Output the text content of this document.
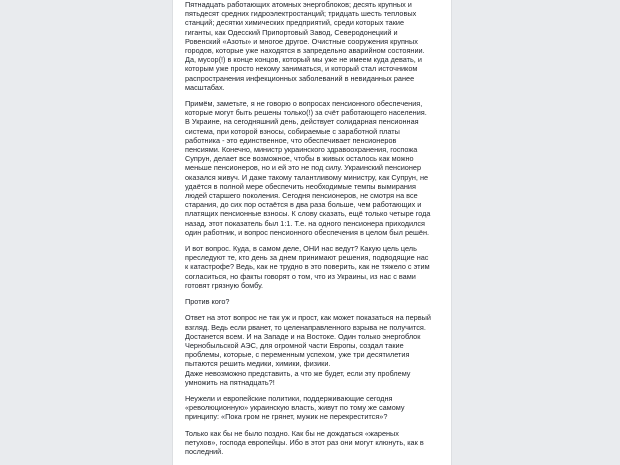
Пятнадцать работающих атомных энергоблоков; десять крупных и
пятьдесят средних гидроэлектростанций; тридцать шесть тепловых
станций; десятки химических предприятий, среди которых такие
гиганты, как Одесский Припортовый Завод, Северодонецкий и
Ровенский «Азоты» и многое другое. Очистные сооружения крупных
городов, которые уже находятся в запредельно аварийном состоянии.
Да, мусор(!) в конце концов, который мы уже не имеем куда девать, и
которым уже просто некому заниматься, и который стал источником
распространения инфекционных заболеваний в невиданных ранее
масштабах.

Примём, заметьте, я не говорю о вопросах пенсионного обеспечения,
которые могут быть решены только(!) за счёт работающего населения.
В Украине, на сегодняшний день, действует солидарная пенсионная
система, при которой взносы, собираемые с заработной платы
работника - это единственное, что обеспечивает пенсионеров
пенсиями. Конечно, министр украинского здравоохранения, госпожа
Супрун, делает все возможное, чтобы в живых осталось как можно
меньше пенсионеров, но и ей это не под силу. Украинский пенсионер
оказался живуч. И даже такому талантливому министру, как Супрун, не
удаётся в полной мере обеспечить необходимые темпы вымирания
людей старшего поколения. Сегодня пенсионеров, не смотря на все
старания, до сих пор остаётся в два раза больше, чем работающих и
платящих пенсионные взносы. К слову сказать, ещё только четыре года
назад, этот показатель был 1:1. Т.е. на одного пенсионера приходился
один работник, и вопрос пенсионного обеспечения в целом был решён.

И вот вопрос. Куда, в самом деле, ОНИ нас ведут? Какую цель цель
преследуют те, кто день за днем принимают решения, подводящие нас
к катастрофе? Ведь, как не трудно в это поверить, как не тяжело с этим
согласиться, но факты говорят о том, что из Украины, из нас с вами
готовят грязную бомбу.

Против кого?

Ответ на этот вопрос не так уж и прост, как может показаться на первый
взгляд. Ведь если рванет, то целенаправленного взрыва не получится.
Достанется всем. И на Западе и на Востоке. Один только энергоблок
Чернобыльской АЭС, для огромной части Европы, создал такие
проблемы, которые, с переменным успехом, уже три десятилетия
пытаются решить медики, химики, физики.
Даже невозможно представить, а что же будет, если эту проблему
умножить на пятнадцать?!

Неужели и европейские политики, поддерживающие сегодня
«революционную» украинскую власть, живут по тому же самому
принципу: «Пока гром не грянет, мужик не перекрестится»?

Только как бы не было поздно. Как бы не дождаться «жареных
петухов», господа европейцы. Ибо в этот раз они могут клюнуть, как в
последний.
